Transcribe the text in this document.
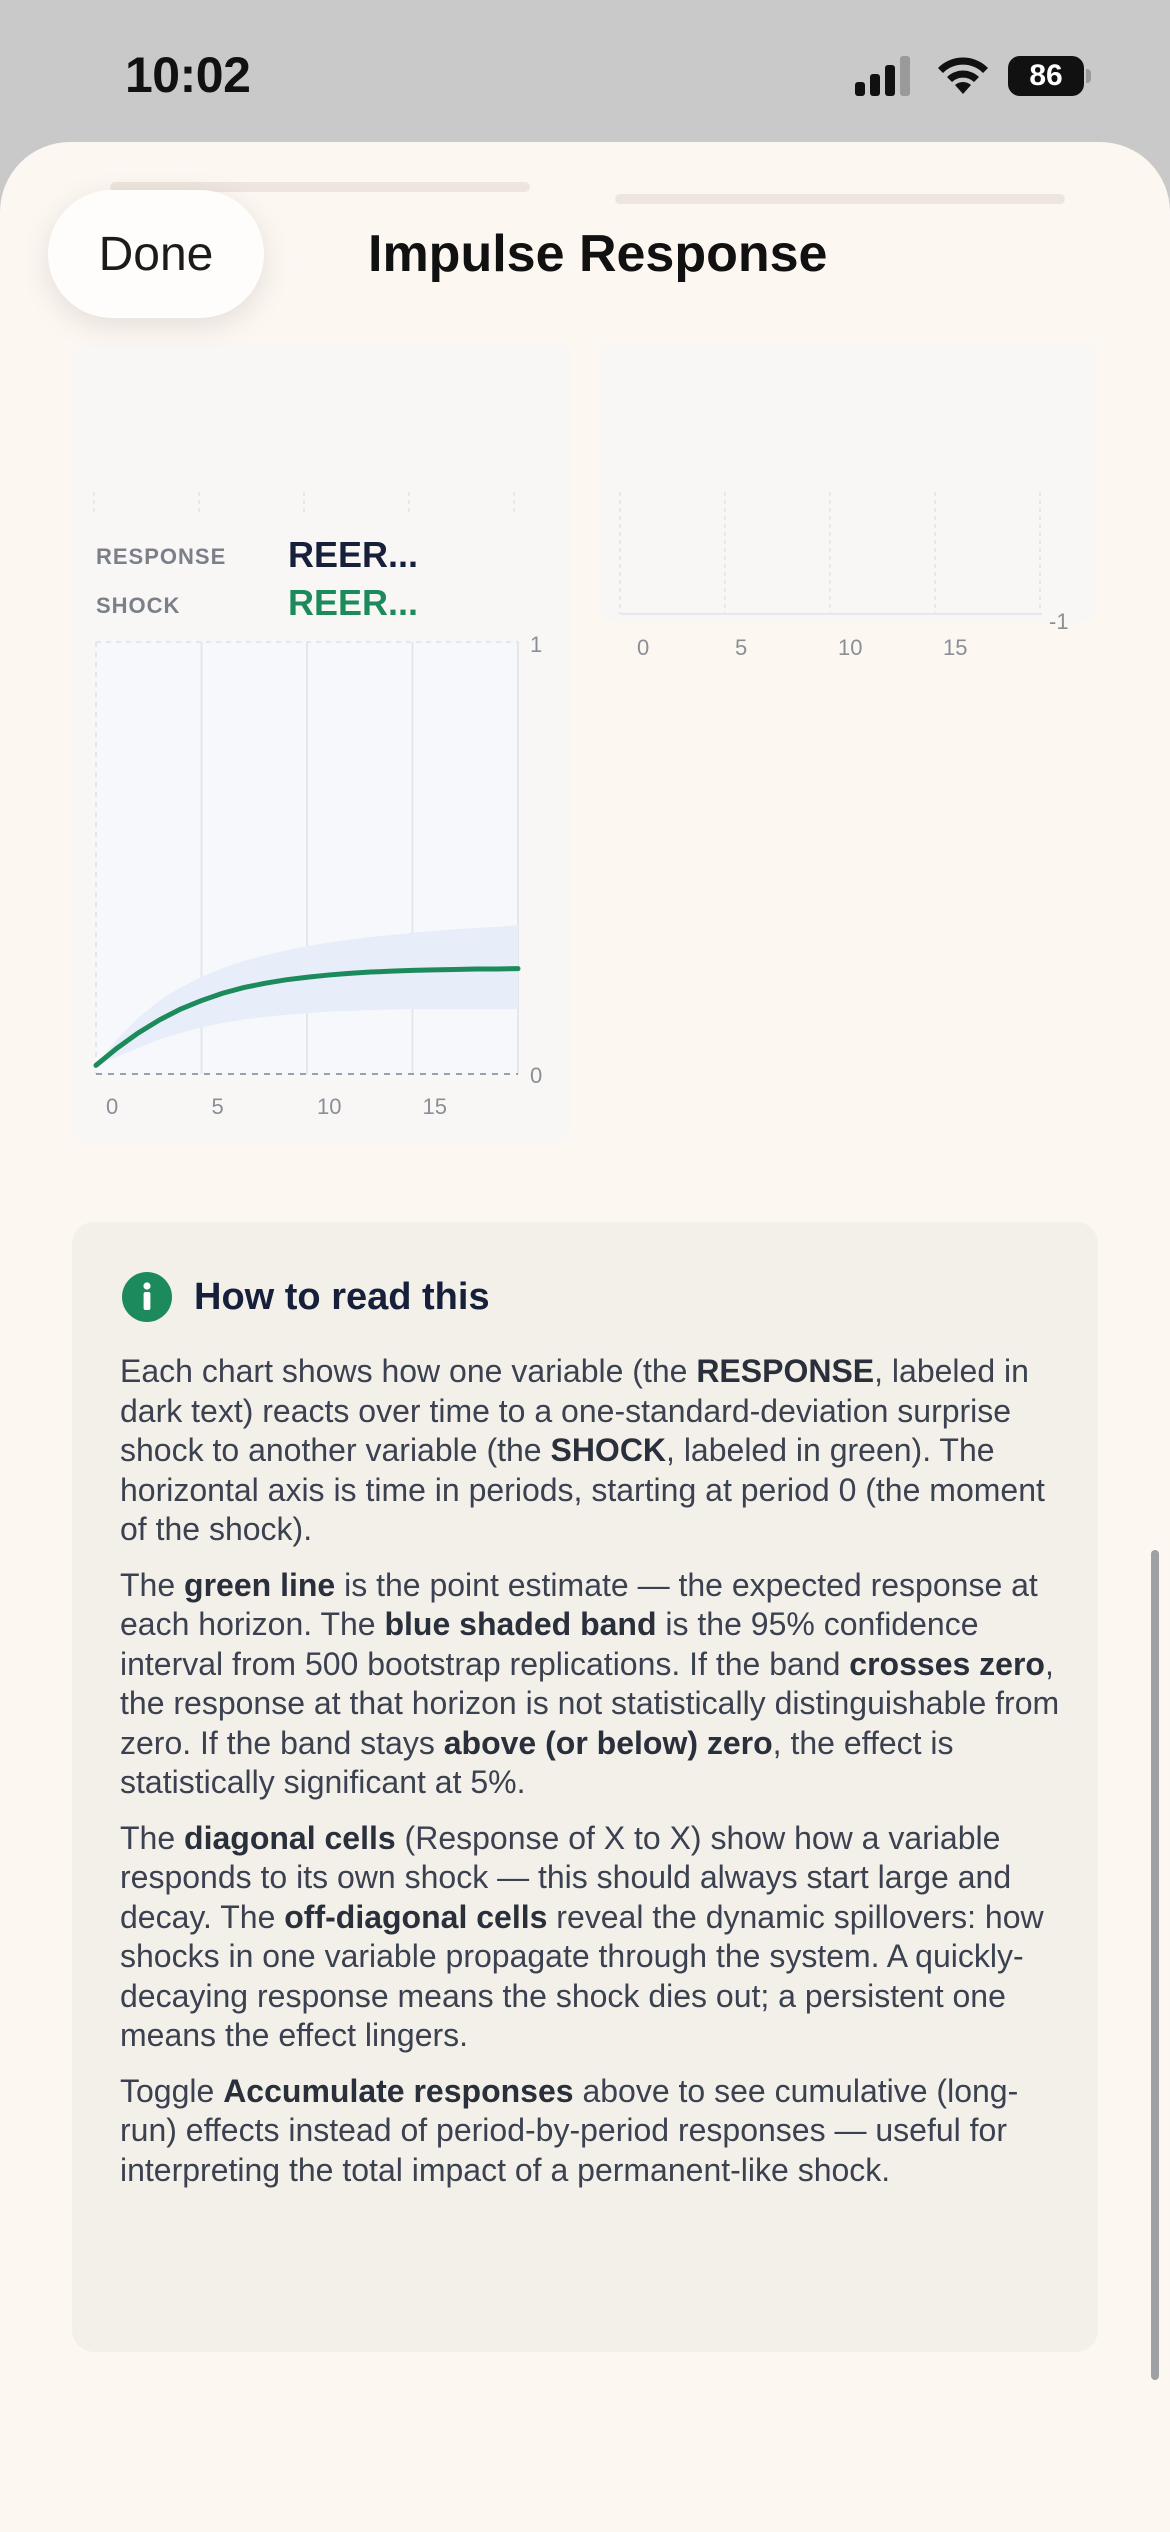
10:02	86
0	5	10	15
-1
RESPONSE REER...
SHOCK	REER...
0	5	10	15
1
0
How to read this

Each chart shows how one variable (the RESPONSE, labeled in dark text) reacts over time to a one-standard-deviation surprise shock to another variable (the SHOCK, labeled in green). The horizontal axis is time in periods, starting at period 0 (the moment of the shock).

The green line is the point estimate — the expected response at each horizon. The blue shaded band is the 95% confidence interval from 500 bootstrap replications. If the band crosses zero, the response at that horizon is not statistically distinguishable from zero. If the band stays above (or below) zero, the effect is statistically significant at 5%.

The diagonal cells (Response of X to X) show how a variable responds to its own shock — this should always start large and decay. The off-diagonal cells reveal the dynamic spillovers: how shocks in one variable propagate through the system. A quickly-decaying response means the shock dies out; a persistent one means the effect lingers.

Toggle Accumulate responses above to see cumulative (long-run) effects instead of period-by-period responses — useful for interpreting the total impact of a permanent-like shock.

Done	Impulse Response
